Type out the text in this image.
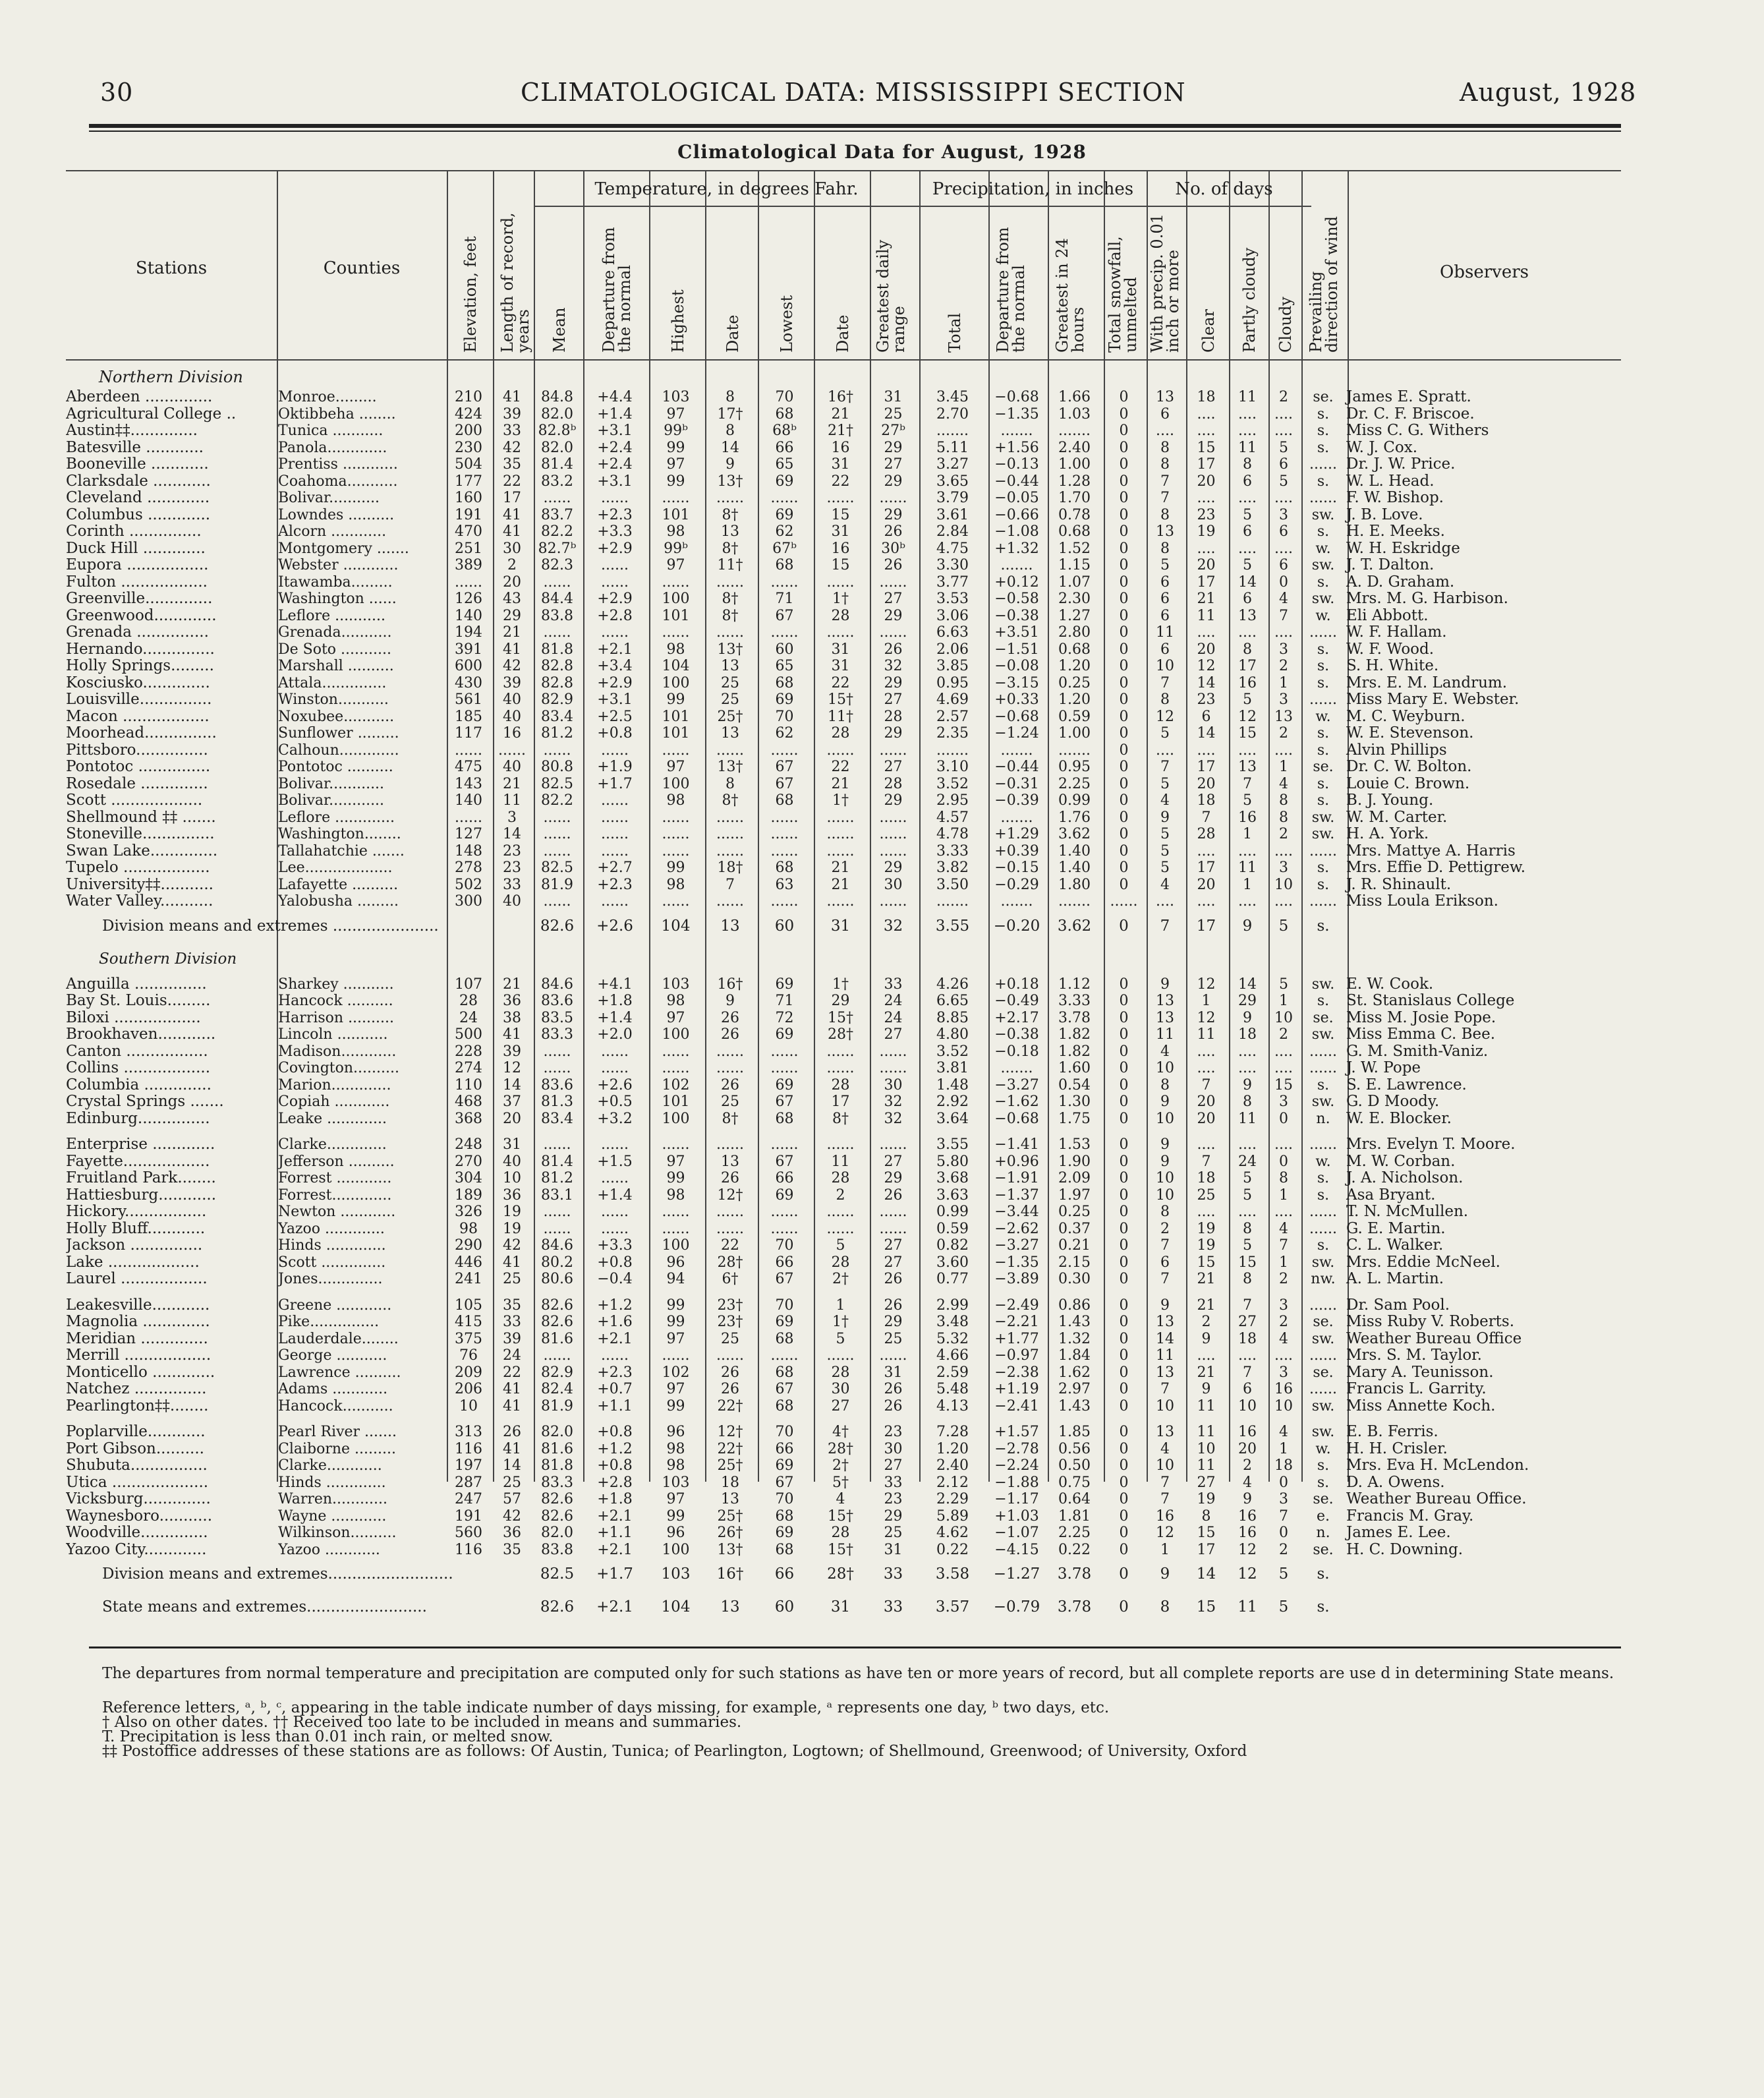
30	CLIMATOLOGICAL DATA: MISSISSIPPI SECTION	August, 1928
Climatological Data for August, 1928
Temperature, in degrees Fahr.	Precipitation, in inches	No. of days
Stations	Counties	Observers
Elevation, feet Length of record, years Mean Departure from the normal Highest Date Lowest Date Greatest daily range Total Departure from the normal Greatest in 24 hours Total snowfall, unmelted With precip. 0.01 inch or more Clear Partly cloudy Cloudy Prevailing direction of wind
Northern Division
Aberdeen ..............	Monroe.........	210	41	84.8	+4.4	103	8	70	16†	31	3.45	−0.68	1.66	0	13	18	11	2	se.	James E. Spratt.
Agricultural College ..	Oktibbeha ........	424	39	82.0	+1.4	97	17†	68	21	25	2.70	−1.35	1.03	0	6	....	....	....	s.	Dr. C. F. Briscoe.
Austin‡‡..............	Tunica ...........	200	33	82.8ᵇ	+3.1	99ᵇ	8	68ᵇ	21†	27ᵇ	.......	.......	.......	0	....	....	....	....	s.	Miss C. G. Withers
Batesville ............	Panola.............	230	42	82.0	+2.4	99	14	66	16	29	5.11	+1.56	2.40	0	8	15	11	5	s.	W. J. Cox.
Booneville ............	Prentiss ............	504	35	81.4	+2.4	97	9	65	31	27	3.27	−0.13	1.00	0	8	17	8	6	......	Dr. J. W. Price.
Clarksdale ............	Coahoma...........	177	22	83.2	+3.1	99	13†	69	22	29	3.65	−0.44	1.28	0	7	20	6	5	s.	W. L. Head.
Cleveland .............	Bolivar...........	160	17	......	......	......	......	......	......	......	3.79	−0.05	1.70	0	7	....	....	....	......	F. W. Bishop.
Columbus .............	Lowndes ..........	191	41	83.7	+2.3	101	8†	69	15	29	3.61	−0.66	0.78	0	8	23	5	3	sw.	J. B. Love.
Corinth ...............	Alcorn ............	470	41	82.2	+3.3	98	13	62	31	26	2.84	−1.08	0.68	0	13	19	6	6	s.	H. E. Meeks.
Duck Hill .............	Montgomery .......	251	30	82.7ᵇ	+2.9	99ᵇ	8†	67ᵇ	16	30ᵇ	4.75	+1.32	1.52	0	8	....	....	....	w.	W. H. Eskridge
Eupora .................	Webster ............	389	2	82.3	......	97	11†	68	15	26	3.30	.......	1.15	0	5	20	5	6	sw.	J. T. Dalton.
Fulton ..................	Itawamba.........	......	20	......	......	......	......	......	......	......	3.77	+0.12	1.07	0	6	17	14	0	s.	A. D. Graham.
Greenville..............	Washington ......	126	43	84.4	+2.9	100	8†	71	1†	27	3.53	−0.58	2.30	0	6	21	6	4	sw.	Mrs. M. G. Harbison.
Greenwood.............	Leflore ...........	140	29	83.8	+2.8	101	8†	67	28	29	3.06	−0.38	1.27	0	6	11	13	7	w.	Eli Abbott.
Grenada ...............	Grenada...........	194	21	......	......	......	......	......	......	......	6.63	+3.51	2.80	0	11	....	....	....	......	W. F. Hallam.
Hernando...............	De Soto ...........	391	41	81.8	+2.1	98	13†	60	31	26	2.06	−1.51	0.68	0	6	20	8	3	s.	W. F. Wood.
Holly Springs.........	Marshall ..........	600	42	82.8	+3.4	104	13	65	31	32	3.85	−0.08	1.20	0	10	12	17	2	s.	S. H. White.
Kosciusko..............	Attala..............	430	39	82.8	+2.9	100	25	68	22	29	0.95	−3.15	0.25	0	7	14	16	1	s.	Mrs. E. M. Landrum.
Louisville...............	Winston...........	561	40	82.9	+3.1	99	25	69	15†	27	4.69	+0.33	1.20	0	8	23	5	3	......	Miss Mary E. Webster.
Macon ..................	Noxubee...........	185	40	83.4	+2.5	101	25†	70	11†	28	2.57	−0.68	0.59	0	12	6	12	13	w.	M. C. Weyburn.
Moorhead...............	Sunflower .........	117	16	81.2	+0.8	101	13	62	28	29	2.35	−1.24	1.00	0	5	14	15	2	s.	W. E. Stevenson.
Pittsboro...............	Calhoun.............	......	......	......	......	......	......	......	......	......	.......	.......	.......	0	....	....	....	....	s.	Alvin Phillips
Pontotoc ...............	Pontotoc ..........	475	40	80.8	+1.9	97	13†	67	22	27	3.10	−0.44	0.95	0	7	17	13	1	se.	Dr. C. W. Bolton.
Rosedale ..............	Bolivar............	143	21	82.5	+1.7	100	8	67	21	28	3.52	−0.31	2.25	0	5	20	7	4	s.	Louie C. Brown.
Scott ...................	Bolivar............	140	11	82.2	......	98	8†	68	1†	29	2.95	−0.39	0.99	0	4	18	5	8	s.	B. J. Young.
Shellmound ‡‡ .......	Leflore .............	......	3	......	......	......	......	......	......	......	4.57	.......	1.76	0	9	7	16	8	sw.	W. M. Carter.
Stoneville...............	Washington........	127	14	......	......	......	......	......	......	......	4.78	+1.29	3.62	0	5	28	1	2	sw.	H. A. York.
Swan Lake..............	Tallahatchie .......	148	23	......	......	......	......	......	......	......	3.33	+0.39	1.40	0	5	....	....	....	......	Mrs. Mattye A. Harris
Tupelo ..................	Lee...................	278	23	82.5	+2.7	99	18†	68	21	29	3.82	−0.15	1.40	0	5	17	11	3	s.	Mrs. Effie D. Pettigrew.
University‡‡...........	Lafayette ..........	502	33	81.9	+2.3	98	7	63	21	30	3.50	−0.29	1.80	0	4	20	1	10	s.	J. R. Shinault.
Water Valley...........	Yalobusha .........	300	40	......	......	......	......	......	......	......	.......	.......	.......	......	....	....	....	....	......	Miss Loula Erikson.
Division means and extremes ......................				82.6	+2.6	104	13	60	31	32	3.55	−0.20	3.62	0	7	17	9	5	s.	
Southern Division																				
Anguilla ...............	Sharkey ...........	107	21	84.6	+4.1	103	16†	69	1†	33	4.26	+0.18	1.12	0	9	12	14	5	sw.	E. W. Cook.
Bay St. Louis.........	Hancock ..........	28	36	83.6	+1.8	98	9	71	29	24	6.65	−0.49	3.33	0	13	1	29	1	s.	St. Stanislaus College
Biloxi ..................	Harrison ..........	24	38	83.5	+1.4	97	26	72	15†	24	8.85	+2.17	3.78	0	13	12	9	10	se.	Miss M. Josie Pope.
Brookhaven............	Lincoln ...........	500	41	83.3	+2.0	100	26	69	28†	27	4.80	−0.38	1.82	0	11	11	18	2	sw.	Miss Emma C. Bee.
Canton .................	Madison............	228	39	......	......	......	......	......	......	......	3.52	−0.18	1.82	0	4	....	....	....	......	G. M. Smith-Vaniz.
Collins ..................	Covington..........	274	12	......	......	......	......	......	......	......	3.81	.......	1.60	0	10	....	....	....	......	J. W. Pope
Columbia ..............	Marion.............	110	14	83.6	+2.6	102	26	69	28	30	1.48	−3.27	0.54	0	8	7	9	15	s.	S. E. Lawrence.
Crystal Springs .......	Copiah ............	468	37	81.3	+0.5	101	25	67	17	32	2.92	−1.62	1.30	0	9	20	8	3	sw.	G. D Moody.
Edinburg...............	Leake .............	368	20	83.4	+3.2	100	8†	68	8†	32	3.64	−0.68	1.75	0	10	20	11	0	n.	W. E. Blocker.

Enterprise .............	Clarke.............	248	31	......	......	......	......	......	......	......	3.55	−1.41	1.53	0	9	....	....	....	......	Mrs. Evelyn T. Moore.
Fayette..................	Jefferson ..........	270	40	81.4	+1.5	97	13	67	11	27	5.80	+0.96	1.90	0	9	7	24	0	w.	M. W. Corban.
Fruitland Park........	Forrest ............	304	10	81.2	......	99	26	66	28	29	3.68	−1.91	2.09	0	10	18	5	8	s.	J. A. Nicholson.
Hattiesburg............	Forrest.............	189	36	83.1	+1.4	98	12†	69	2	26	3.63	−1.37	1.97	0	10	25	5	1	s.	Asa Bryant.
Hickory.................	Newton ............	326	19	......	......	......	......	......	......	......	0.99	−3.44	0.25	0	8	....	....	....	......	T. N. McMullen.
Holly Bluff............	Yazoo .............	98	19	......	......	......	......	......	......	......	0.59	−2.62	0.37	0	2	19	8	4	......	G. E. Martin.
Jackson ...............	Hinds .............	290	42	84.6	+3.3	100	22	70	5	27	0.82	−3.27	0.21	0	7	19	5	7	s.	C. L. Walker.
Lake ...................	Scott ..............	446	41	80.2	+0.8	96	28†	66	28	27	3.60	−1.35	2.15	0	6	15	15	1	sw.	Mrs. Eddie McNeel.
Laurel ..................	Jones..............	241	25	80.6	−0.4	94	6†	67	2†	26	0.77	−3.89	0.30	0	7	21	8	2	nw.	A. L. Martin.

Leakesville............	Greene ............	105	35	82.6	+1.2	99	23†	70	1	26	2.99	−2.49	0.86	0	9	21	7	3	......	Dr. Sam Pool.
Magnolia ..............	Pike...............	415	33	82.6	+1.6	99	23†	69	1†	29	3.48	−2.21	1.43	0	13	2	27	2	se.	Miss Ruby V. Roberts.
Meridian ..............	Lauderdale........	375	39	81.6	+2.1	97	25	68	5	25	5.32	+1.77	1.32	0	14	9	18	4	sw.	Weather Bureau Office
Merrill ..................	George ...........	76	24	......	......	......	......	......	......	......	4.66	−0.97	1.84	0	11	....	....	....	......	Mrs. S. M. Taylor.
Monticello .............	Lawrence ..........	209	22	82.9	+2.3	102	26	68	28	31	2.59	−2.38	1.62	0	13	21	7	3	se.	Mary A. Teunisson.
Natchez ...............	Adams ............	206	41	82.4	+0.7	97	26	67	30	26	5.48	+1.19	2.97	0	7	9	6	16	......	Francis L. Garrity.
Pearlington‡‡........	Hancock...........	10	41	81.9	+1.1	99	22†	68	27	26	4.13	−2.41	1.43	0	10	11	10	10	sw.	Miss Annette Koch.

Poplarville............	Pearl River .......	313	26	82.0	+0.8	96	12†	70	4†	23	7.28	+1.57	1.85	0	13	11	16	4	sw.	E. B. Ferris.
Port Gibson..........	Claiborne .........	116	41	81.6	+1.2	98	22†	66	28†	30	1.20	−2.78	0.56	0	4	10	20	1	w.	H. H. Crisler.
Shubuta................	Clarke............	197	14	81.8	+0.8	98	25†	69	2†	27	2.40	−2.24	0.50	0	10	11	2	18	s.	Mrs. Eva H. McLendon.
Utica ....................	Hinds .............	287	25	83.3	+2.8	103	18	67	5†	33	2.12	−1.88	0.75	0	7	27	4	0	s.	D. A. Owens.
Vicksburg..............	Warren............	247	57	82.6	+1.8	97	13	70	4	23	2.29	−1.17	0.64	0	7	19	9	3	se.	Weather Bureau Office.
Waynesboro...........	Wayne ............	191	42	82.6	+2.1	99	25†	68	15†	29	5.89	+1.03	1.81	0	16	8	16	7	e.	Francis M. Gray.
Woodville..............	Wilkinson..........	560	36	82.0	+1.1	96	26†	69	28	25	4.62	−1.07	2.25	0	12	15	16	0	n.	James E. Lee.
Yazoo City.............	Yazoo ............	116	35	83.8	+2.1	100	13†	68	15†	31	0.22	−4.15	0.22	0	1	17	12	2	se.	H. C. Downing.
Division means and extremes..........................				82.5	+1.7	103	16†	66	28†	33	3.58	−1.27	3.78	0	9	14	12	5	s.	
State means and extremes.........................				82.6	+2.1	104	13	60	31	33	3.57	−0.79	3.78	0	8	15	11	5	s.	
The departures from normal temperature and precipitation are computed only for such stations as have ten or more years of record, but all complete reports are use d in determining State means.
Reference letters, ᵃ, ᵇ, ᶜ, appearing in the table indicate number of days missing, for example, ᵃ represents one day, ᵇ two days, etc.
† Also on other dates. †† Received too late to be included in means and summaries.
T. Precipitation is less than 0.01 inch rain, or melted snow.
‡‡ Postoffice addresses of these stations are as follows: Of Austin, Tunica; of Pearlington, Logtown; of Shellmound, Greenwood; of University, Oxford
